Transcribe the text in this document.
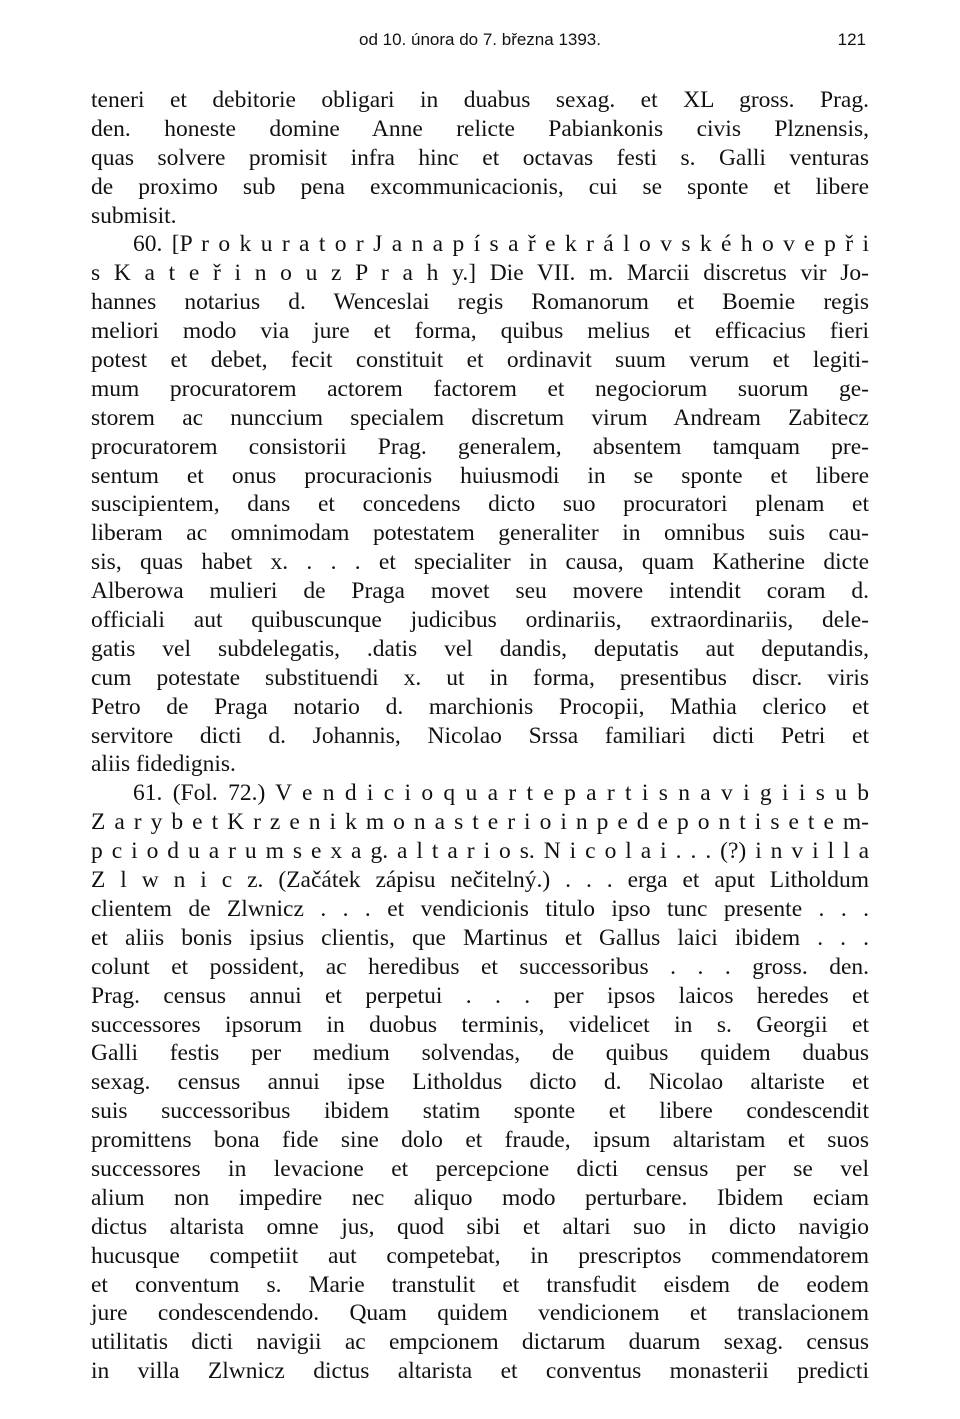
od 10. února do 7. března 1393.	121
teneri et debitorie obligari in duabus sexag. et XL gross. Prag.
den. honeste domine Anne relicte Pabiankonis civis Plznensis,
quas solvere promisit infra hinc et octavas festi s. Galli venturas
de proximo sub pena excommunicacionis, cui se sponte et libere
submisit.
60. [P r o k u r a t o r J a n a p í s a ř e k r á l o v s k é h o v e p ř i
s K a t e ř i n o u z P r a h y.] Die VII. m. Marcii discretus vir Jo-
hannes notarius d. Wenceslai regis Romanorum et Boemie regis
meliori modo via jure et forma, quibus melius et efficacius fieri
potest et debet, fecit constituit et ordinavit suum verum et legiti-
mum procuratorem actorem factorem et negociorum suorum ge-
storem ac nunccium specialem discretum virum Andream Zabitecz
procuratorem consistorii Prag. generalem, absentem tamquam pre-
sentum et onus procuracionis huiusmodi in se sponte et libere
suscipientem, dans et concedens dicto suo procuratori plenam et
liberam ac omnimodam potestatem generaliter in omnibus suis cau-
sis, quas habet x. . . . et specialiter in causa, quam Katherine dicte
Alberowa mulieri de Praga movet seu movere intendit coram d.
officiali aut quibuscunque judicibus ordinariis, extraordinariis, dele-
gatis vel subdelegatis, .datis vel dandis, deputatis aut deputandis,
cum potestate substituendi x. ut in forma, presentibus discr. viris
Petro de Praga notario d. marchionis Procopii, Mathia clerico et
servitore dicti d. Johannis, Nicolao Srssa familiari dicti Petri et
aliis fidedignis.
61. (Fol. 72.) V e n d i c i o q u a r t e p a r t i s n a v i g i i s u b
Z a r y b e t K r z e n i k m o n a s t e r i o i n p e d e p o n t i s e t e m-
p c i o d u a r u m s e x a g. a l t a r i o s. N i c o l a i . . . (?) i n v i l l a
Z l w n i c z. (Začátek zápisu nečitelný.) . . . erga et aput Litholdum
clientem de Zlwnicz . . . et vendicionis titulo ipso tunc presente . . .
et aliis bonis ipsius clientis, que Martinus et Gallus laici ibidem . . .
colunt et possident, ac heredibus et successoribus . . . gross. den.
Prag. census annui et perpetui . . . per ipsos laicos heredes et
successores ipsorum in duobus terminis, videlicet in s. Georgii et
Galli festis per medium solvendas, de quibus quidem duabus
sexag. census annui ipse Litholdus dicto d. Nicolao altariste et
suis successoribus ibidem statim sponte et libere condescendit
promittens bona fide sine dolo et fraude, ipsum altaristam et suos
successores in levacione et percepcione dicti census per se vel
alium non impedire nec aliquo modo perturbare. Ibidem eciam
dictus altarista omne jus, quod sibi et altari suo in dicto navigio
hucusque competiit aut competebat, in prescriptos commendatorem
et conventum s. Marie transtulit et transfudit eisdem de eodem
jure condescendendo. Quam quidem vendicionem et translacionem
utilitatis dicti navigii ac empcionem dictarum duarum sexag. census
in villa Zlwnicz dictus altarista et conventus monasterii predicti
